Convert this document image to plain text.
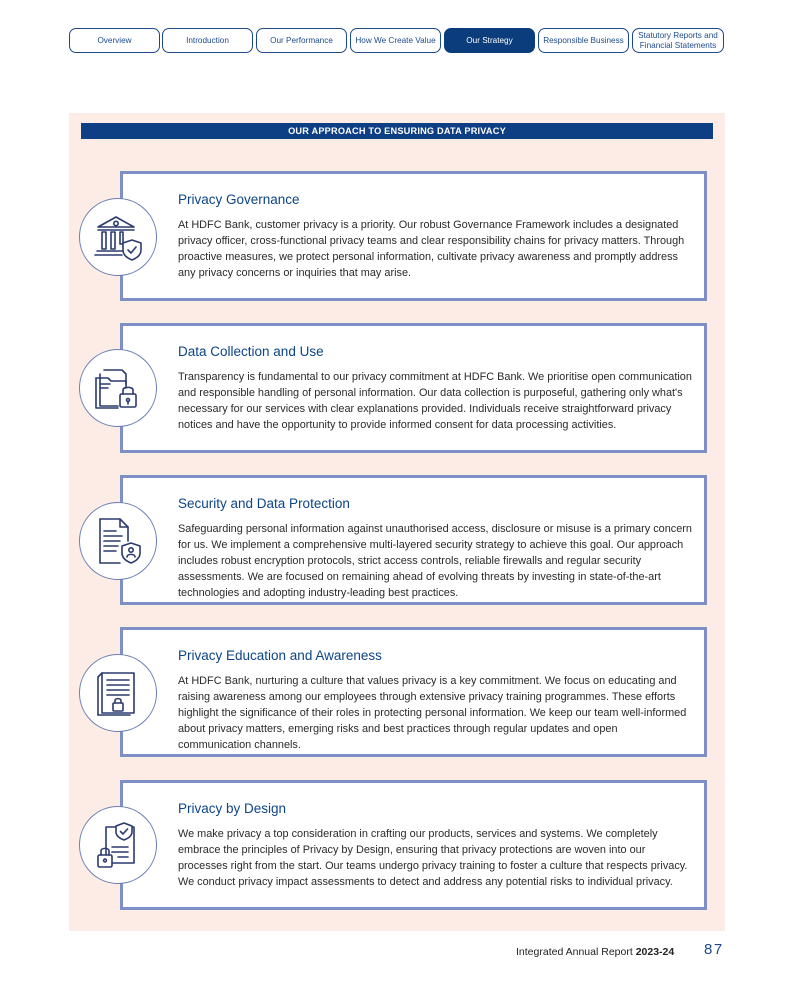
Overview	Introduction	Our Performance	How We Create Value	Our Strategy	Responsible Business
Statutory Reports and Financial Statements
OUR APPROACH TO ENSURING DATA PRIVACY
Privacy Governance
At HDFC Bank, customer privacy is a priority. Our robust Governance Framework includes a designated privacy officer, cross-functional privacy teams and clear responsibility chains for privacy matters. Through proactive measures, we protect personal information, cultivate privacy awareness and promptly address any privacy concerns or inquiries that may arise.
Data Collection and Use
Transparency is fundamental to our privacy commitment at HDFC Bank. We prioritise open communication and responsible handling of personal information. Our data collection is purposeful, gathering only what's necessary for our services with clear explanations provided. Individuals receive straightforward privacy notices and have the opportunity to provide informed consent for data processing activities.
Security and Data Protection
Safeguarding personal information against unauthorised access, disclosure or misuse is a primary concern for us. We implement a comprehensive multi-layered security strategy to achieve this goal. Our approach includes robust encryption protocols, strict access controls, reliable firewalls and regular security assessments. We are focused on remaining ahead of evolving threats by investing in state-of-the-art technologies and adopting industry-leading best practices.
Privacy Education and Awareness
At HDFC Bank, nurturing a culture that values privacy is a key commitment. We focus on educating and raising awareness among our employees through extensive privacy training programmes. These efforts highlight the significance of their roles in protecting personal information. We keep our team well-informed about privacy matters, emerging risks and best practices through regular updates and open communication channels.
Privacy by Design
We make privacy a top consideration in crafting our products, services and systems. We completely embrace the principles of Privacy by Design, ensuring that privacy protections are woven into our processes right from the start. Our teams undergo privacy training to foster a culture that respects privacy. We conduct privacy impact assessments to detect and address any potential risks to individual privacy.
Integrated Annual Report 2023-24 87
